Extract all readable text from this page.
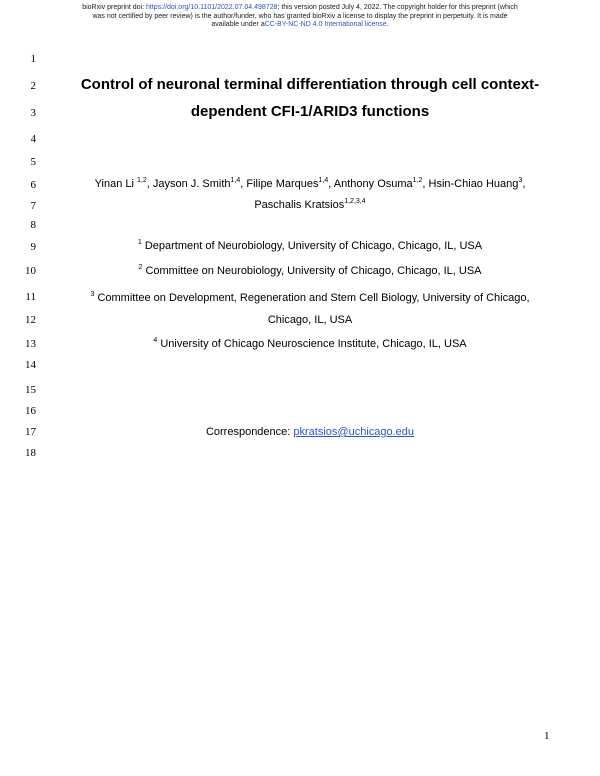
bioRxiv preprint doi: https://doi.org/10.1101/2022.07.04.498728; this version posted July 4, 2022. The copyright holder for this preprint (which
was not certified by peer review) is the author/funder, who has granted bioRxiv a license to display the preprint in perpetuity. It is made
available under aCC-BY-NC-ND 4.0 International license.
1
2
3
4
5
6
7
8
9
10
11
12
13
14
15
16
17
18
Control of neuronal terminal differentiation through cell context-
dependent CFI-1/ARID3 functions
Yinan Li $^{1,2}$, Jayson J. Smith$^{1,4}$, Filipe Marques$^{1,4}$, Anthony Osuma$^{1,2}$, Hsin-Chiao Huang$^3$,
Paschalis Kratsios$^{1,2,3,4}$
$^1$ Department of Neurobiology, University of Chicago, Chicago, IL, USA
$^2$ Committee on Neurobiology, University of Chicago, Chicago, IL, USA
$^3$ Committee on Development, Regeneration and Stem Cell Biology, University of Chicago,
Chicago, IL, USA
$^4$ University of Chicago Neuroscience Institute, Chicago, IL, USA
Correspondence: pkratsios@uchicago.edu
1
